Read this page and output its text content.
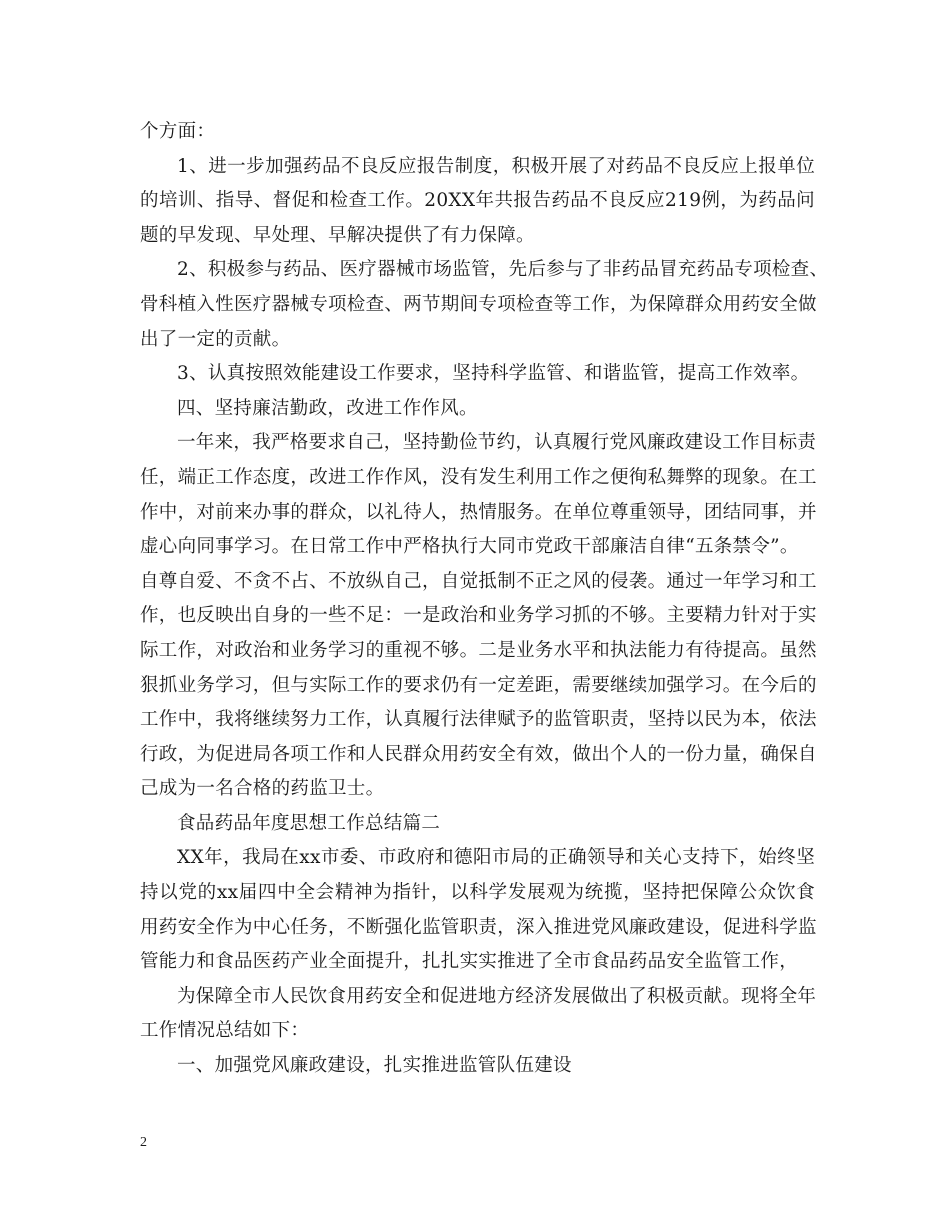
个方面：
1、进一步加强药品不良反应报告制度，积极开展了对药品不良反应上报单位
的培训、指导、督促和检查工作。20XX年共报告药品不良反应219例，为药品问
题的早发现、早处理、早解决提供了有力保障。
2、积极参与药品、医疗器械市场监管，先后参与了非药品冒充药品专项检查、
骨科植入性医疗器械专项检查、两节期间专项检查等工作，为保障群众用药安全做
出了一定的贡献。
3、认真按照效能建设工作要求，坚持科学监管、和谐监管，提高工作效率。
四、坚持廉洁勤政，改进工作作风。
一年来，我严格要求自己，坚持勤俭节约，认真履行党风廉政建设工作目标责
任，端正工作态度，改进工作作风，没有发生利用工作之便徇私舞弊的现象。在工
作中，对前来办事的群众，以礼待人，热情服务。在单位尊重领导，团结同事，并
虚心向同事学习。在日常工作中严格执行大同市党政干部廉洁自律“五条禁令”。
自尊自爱、不贪不占、不放纵自己，自觉抵制不正之风的侵袭。通过一年学习和工
作，也反映出自身的一些不足：一是政治和业务学习抓的不够。主要精力针对于实
际工作，对政治和业务学习的重视不够。二是业务水平和执法能力有待提高。虽然
狠抓业务学习，但与实际工作的要求仍有一定差距，需要继续加强学习。在今后的
工作中，我将继续努力工作，认真履行法律赋予的监管职责，坚持以民为本，依法
行政，为促进局各项工作和人民群众用药安全有效，做出个人的一份力量，确保自
己成为一名合格的药监卫士。
食品药品年度思想工作总结篇二
XX年，我局在xx市委、市政府和德阳市局的正确领导和关心支持下，始终坚
持以党的xx届四中全会精神为指针，以科学发展观为统揽，坚持把保障公众饮食
用药安全作为中心任务，不断强化监管职责，深入推进党风廉政建设，促进科学监
管能力和食品医药产业全面提升，扎扎实实推进了全市食品药品安全监管工作，
为保障全市人民饮食用药安全和促进地方经济发展做出了积极贡献。现将全年
工作情况总结如下：
一、加强党风廉政建设，扎实推进监管队伍建设
2
